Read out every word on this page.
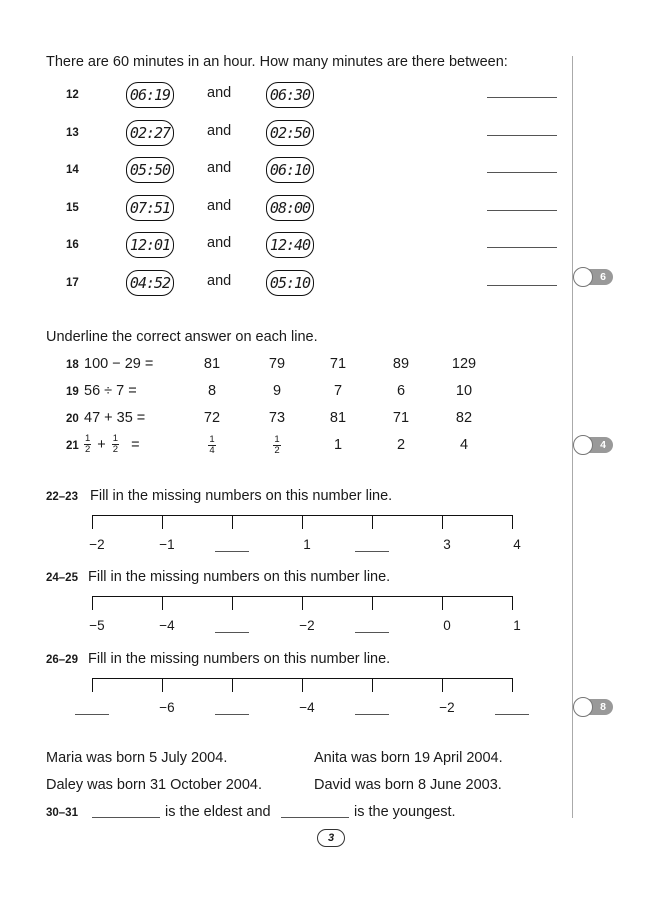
There are 60 minutes in an hour. How many minutes are there between:
12	06:19	and	06:30
13	02:27	and	02:50
14	05:50	and	06:10
15	07:51	and	08:00
16	12:01	and	12:40
17	04:52	and	05:10
Underline the correct answer on each line.
18 100 − 29 =	81	79	71	89	129
19 56 ÷ 7 =	8	9	7	6	10
20 47 + 35 =	72	73	81	71	82
$21 \frac{1}{2} + \frac{1}{2}$ =	$\frac{1}{4}$	$\frac{1}{2}$	1	2	4
22–23 Fill in the missing numbers on this number line.
−2	−1	1	3	4
24–25 Fill in the missing numbers on this number line.
−5	−4	−2	0	1
26–29 Fill in the missing numbers on this number line.
−6	−4	−2
Maria was born 5 July 2004.	Anita was born 19 April 2004.
Daley was born 31 October 2004.	David was born 8 June 2003.
30–31	is the eldest and	is the youngest.
6
4
8
3
